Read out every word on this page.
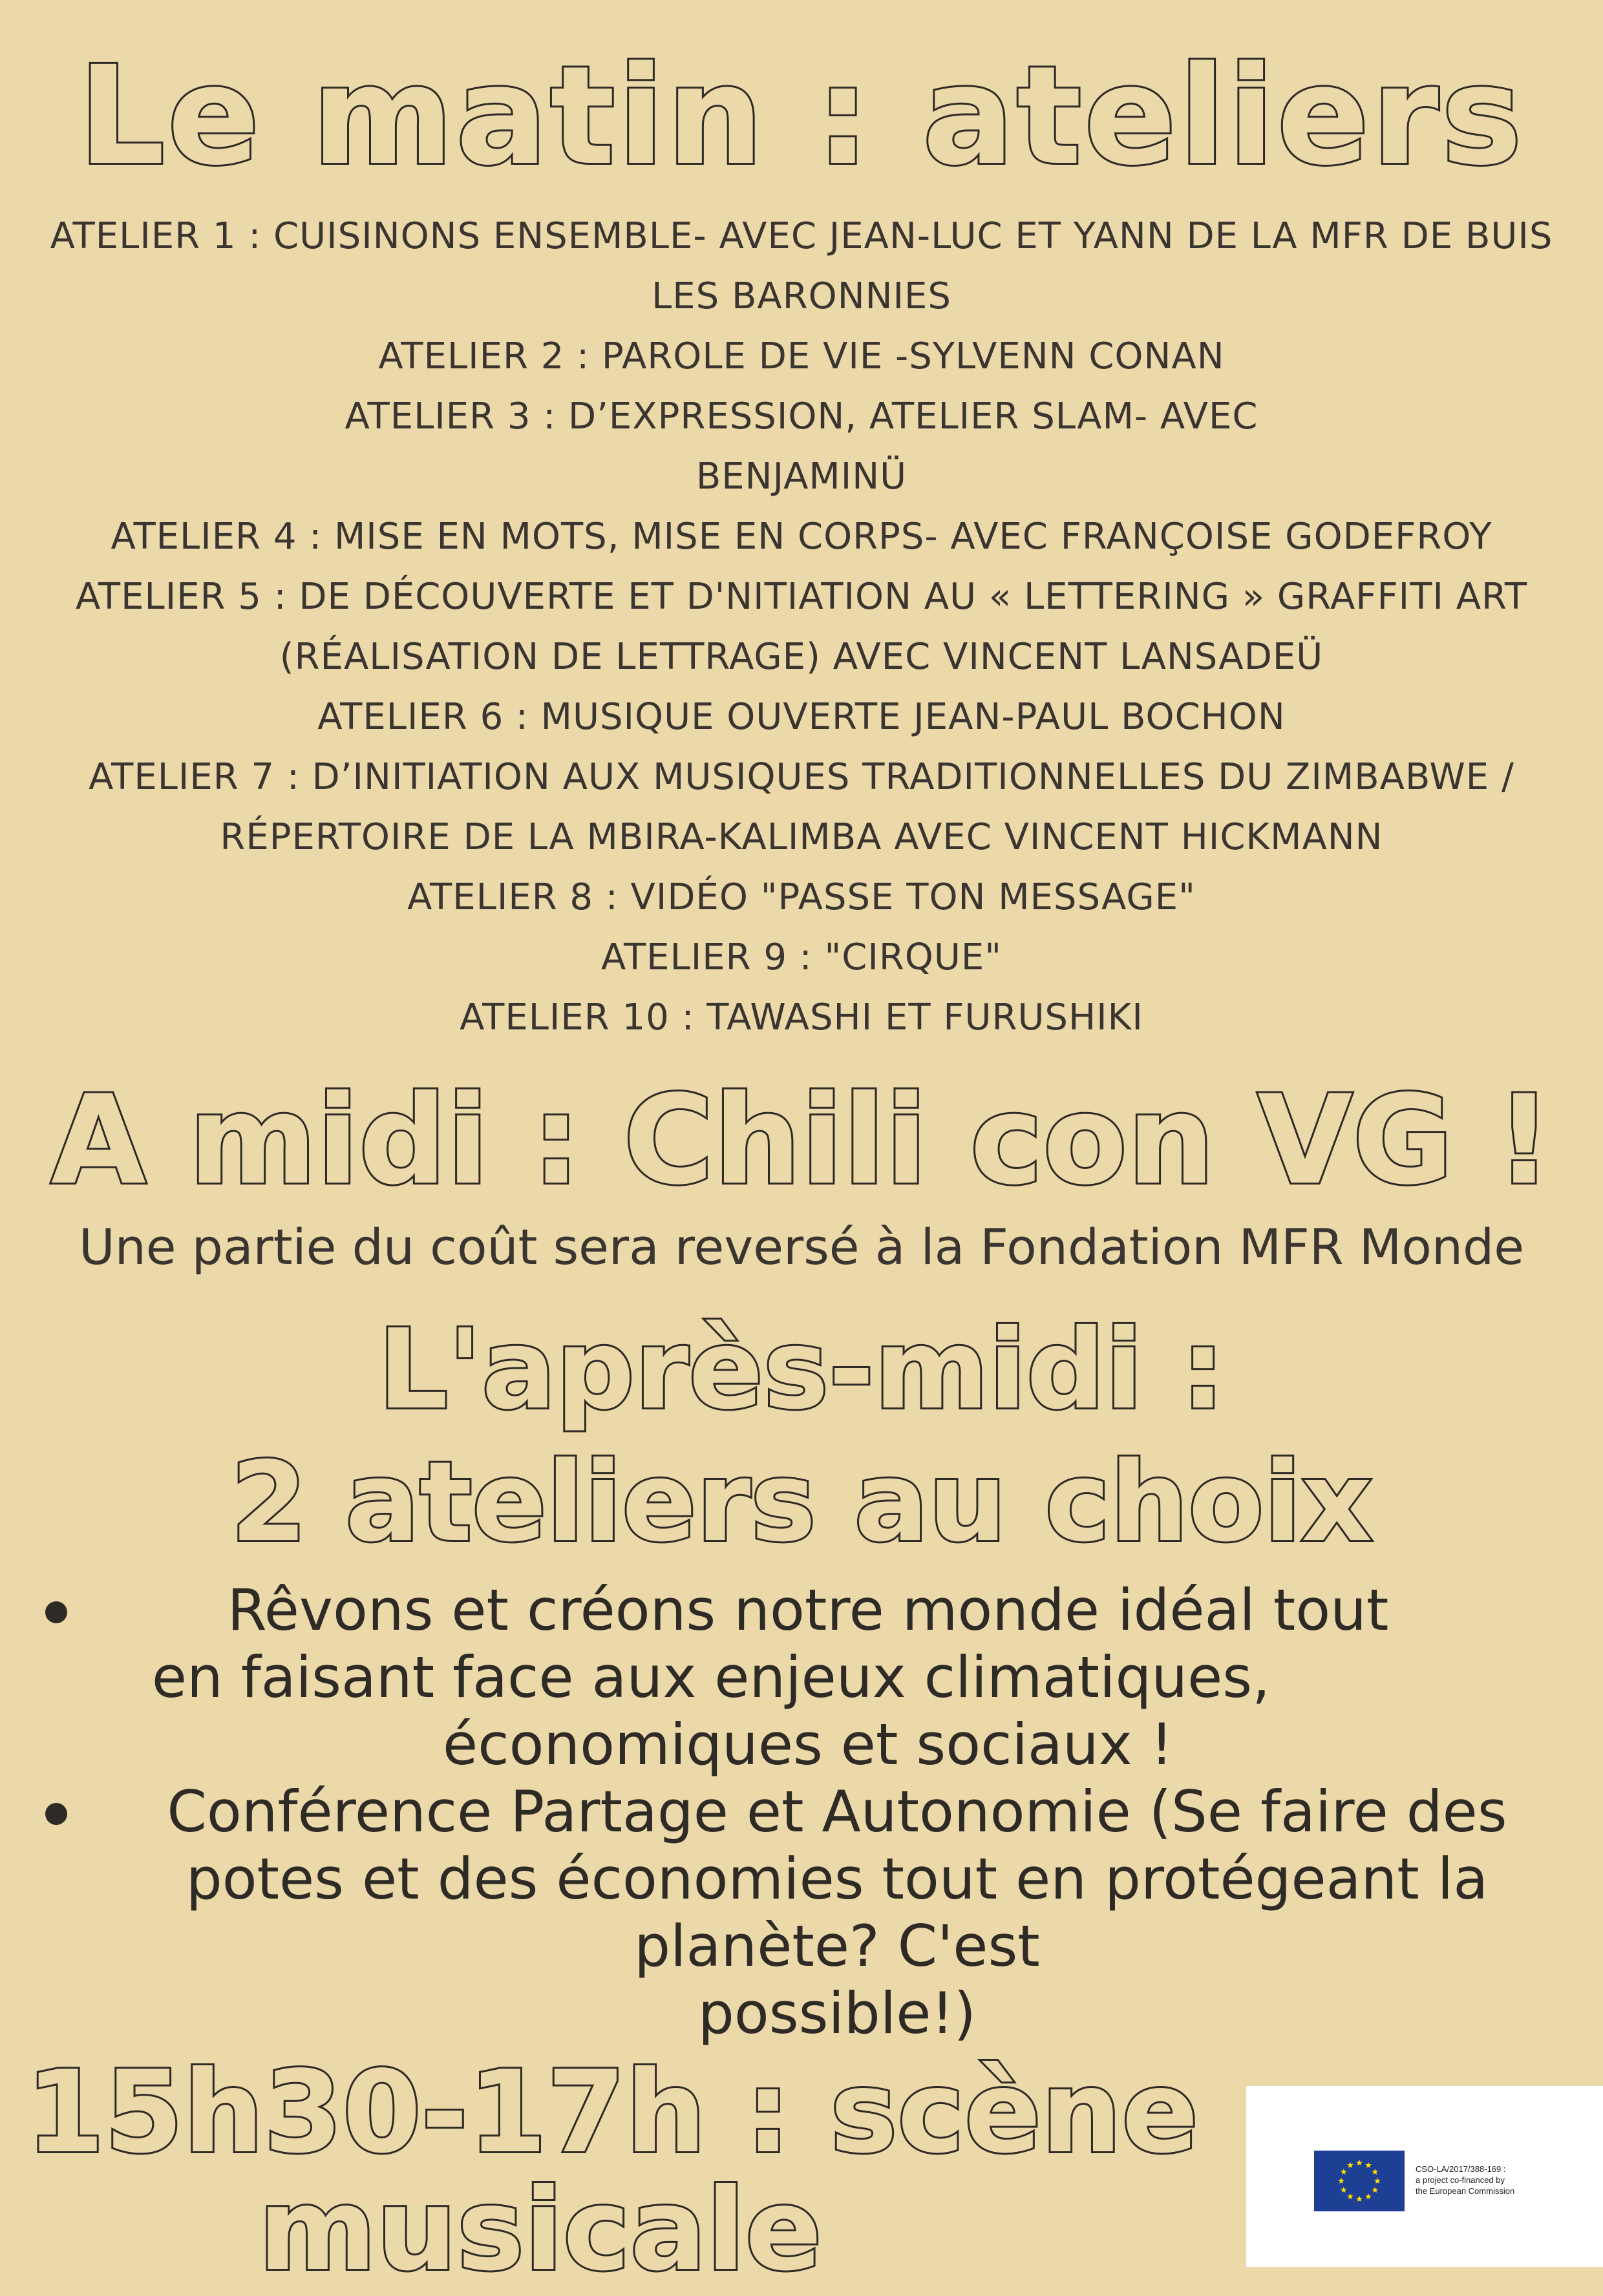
Le matin : ateliers
ATELIER 1 : CUISINONS ENSEMBLE- AVEC JEAN-LUC ET YANN DE LA MFR DE BUIS
LES BARONNIES
ATELIER 2 : PAROLE DE VIE -SYLVENN CONAN
ATELIER 3 : D’EXPRESSION, ATELIER SLAM- AVEC
BENJAMINÜ
ATELIER 4 : MISE EN MOTS, MISE EN CORPS- AVEC FRANÇOISE GODEFROY
ATELIER 5 : DE DÉCOUVERTE ET D'NITIATION AU « LETTERING » GRAFFITI ART
(RÉALISATION DE LETTRAGE) AVEC VINCENT LANSADEÜ
ATELIER 6 : MUSIQUE OUVERTE JEAN-PAUL BOCHON
ATELIER 7 : D’INITIATION AUX MUSIQUES TRADITIONNELLES DU ZIMBABWE /
RÉPERTOIRE DE LA MBIRA-KALIMBA AVEC VINCENT HICKMANN
ATELIER 8 : VIDÉO "PASSE TON MESSAGE"
ATELIER 9 : "CIRQUE"
ATELIER 10 : TAWASHI ET FURUSHIKI
A midi : Chili con VG !
Une partie du coût sera reversé à la Fondation MFR Monde
L'après-midi :
2 ateliers au choix
Rêvons et créons notre monde idéal tout
en faisant face aux enjeux climatiques,
économiques et sociaux !
Conférence Partage et Autonomie (Se faire des
potes et des économies tout en protégeant la
planète? C'est
possible!)
15h30-17h : scène
musicale	CSO-LA/2017/388-169 :
a project co-financed by
the European Commission
